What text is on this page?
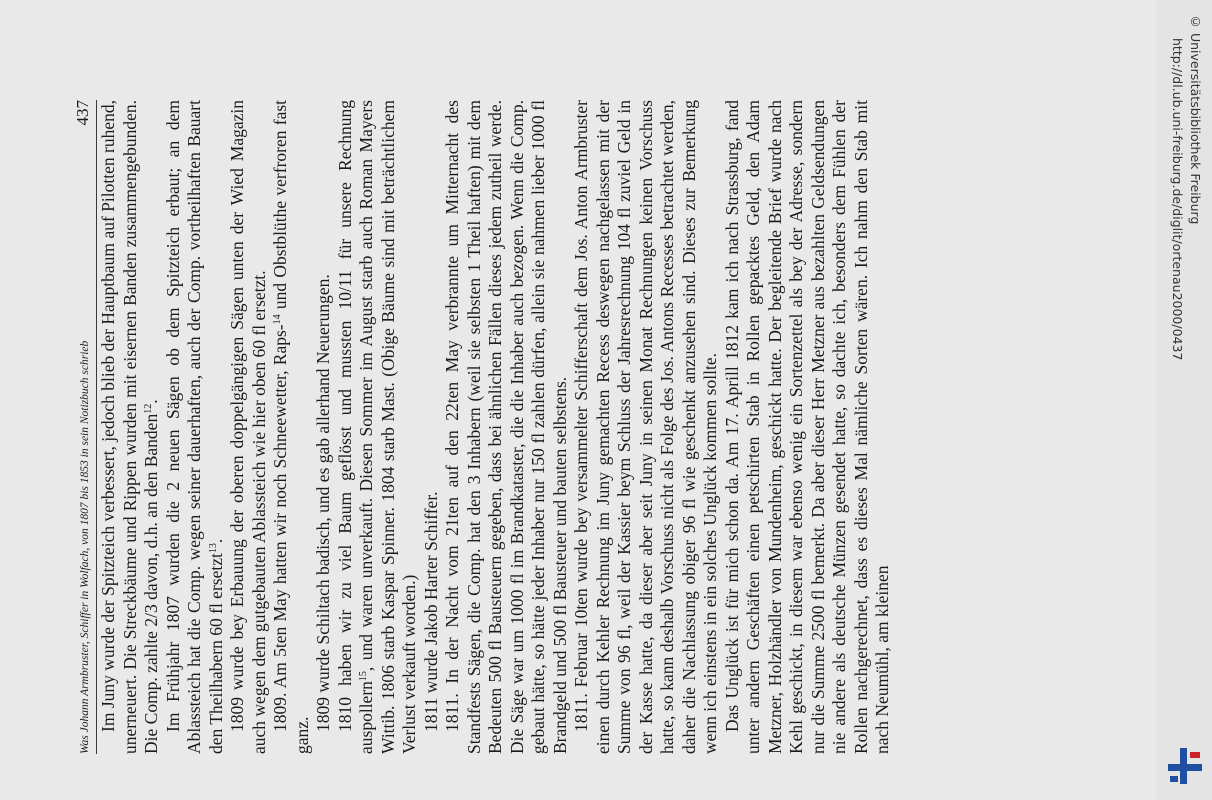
Was Johann Armbruster, Schiffer in Wolfach, von 1807 bis 1853 in sein Notizbuch schrieb
437 Im Juny wurde der Spitzteich verbessert, jedoch blieb der Hauptbaum auf Pilotten ruhend, unerneuert. Die Streckbäume und Rippen wurden mit eisernen Banden zusammengebunden. Die Comp. zahlte 2/3 davon, d.h. an den Banden$^{12}$. Im Frühjahr 1807 wurden die 2 neuen Sägen ob dem Spitzteich erbaut; an dem Ablassteich hat die Comp. wegen seiner dauerhaften, auch der Comp. vortheilhaften Bauart den Theilhabern 60 fl ersetzt$^{13}$. 1809 wurde bey Erbauung der oberen doppelgängigen Sägen unten der Wied Magazin auch wegen dem gutgebauten Ablassteich wie hier oben 60 fl ersetzt. 1809. Am 5ten May hatten wir noch Schneewetter, Raps-$^{14}$ und Obstblüthe verfroren fast ganz.

1809 wurde Schiltach badisch, und es gab allerhand Neuerungen. 1810 haben wir zu viel Baum geflösst und mussten 10/11 für unsere Rechnung auspollern$^{15}$, und waren unverkauft. Diesen Sommer im August starb auch Roman Mayers Wittib. 1806 starb Kaspar Spinner. 1804 starb Mast. (Obige Bäume sind mit beträchtlichem Verlust verkauft worden.) 1811 wurde Jakob Harter Schiffer. 1811. In der Nacht vom 21ten auf den 22ten May verbrannte um Mitternacht des Standfests Sägen, die Comp. hat den 3 Inhabern (weil sie selbsten 1 Theil haften) mit dem Bedeuten 500 fl Bausteuern gegeben, dass bei ähnlichen Fällen dieses jedem zutheil werde. Die Säge war um 1000 fl im Brandkataster, die die Inhaber auch bezogen. Wenn die Comp. gebaut hätte, so hätte jeder Inhaber nur 150 fl zahlen dürfen, allein sie nahmen lieber 1000 fl Brandgeld und 500 fl Bausteuer und bauten selbstens. 1811. Februar 10ten wurde bey versammelter Schifferschaft dem Jos. Anton Armbruster einen durch Kehler Rechnung im Juny gemachten Recess deswegen nachgelassen mit der Summe von 96 fl, weil der Kassier beym Schluss der Jahresrechnung 104 fl zuviel Geld in der Kasse hatte, da dieser aber seit Juny in seinen Monat Rechnungen keinen Vorschuss hatte, so kann deshalb Vorschuss nicht als Folge des Jos. Antons Recesses betrachtet werden, daher die Nachlassung obiger 96 fl wie geschenkt anzusehen sind. Dieses zur Bemerkung wenn ich einstens in ein solches Unglück kommen sollte. Das Unglück ist für mich schon da. Am 17. Aprill 1812 kam ich nach Strassburg, fand unter andern Geschäften einen petschirten Stab in Rollen gepacktes Geld, den Adam Metzner, Holzhändler von Mundenheim, geschickt hatte. Der begleitende Brief wurde nach Kehl geschickt, in diesem war ebenso wenig ein Sortenzettel als bey der Adresse, sondern nur die Summe 2500 fl bemerkt. Da aber dieser Herr Metzner aus bezahlten Geldsendungen nie andere als deutsche Münzen gesendet hatte, so dachte ich, besonders dem Fühlen der Rollen nachgerechnet, dass es dieses Mal nämliche Sorten wären. Ich nahm den Stab mit nach Neumühl, am kleinen

http://dl.ub.uni-freiburg.de/diglit/ortenau2000/0437 © Universitätsbibliothek Freiburg
